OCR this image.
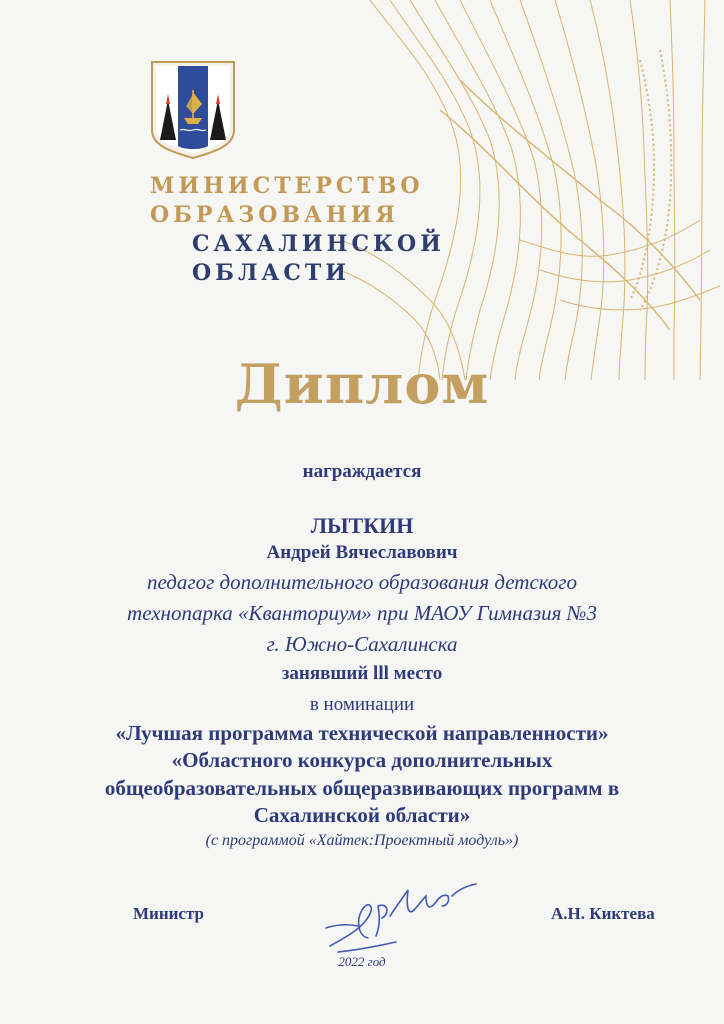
МИНИСТЕРСТВО
ОБРАЗОВАНИЯ
САХАЛИНСКОЙ
ОБЛАСТИ
Диплом
награждается
ЛЫТКИН
Андрей Вячеславович
педагог дополнительного образования детского
технопарка «Кванториум» при МАОУ Гимназия №3
г. Южно-Сахалинска
занявший lll место
в номинации
«Лучшая программа технической направленности»
«Областного конкурса дополнительных
общеобразовательных общеразвивающих программ в
Сахалинской области»
(с программой «Хайтек:Проектный модуль»)
Министр	А.Н. Киктева
2022 год
